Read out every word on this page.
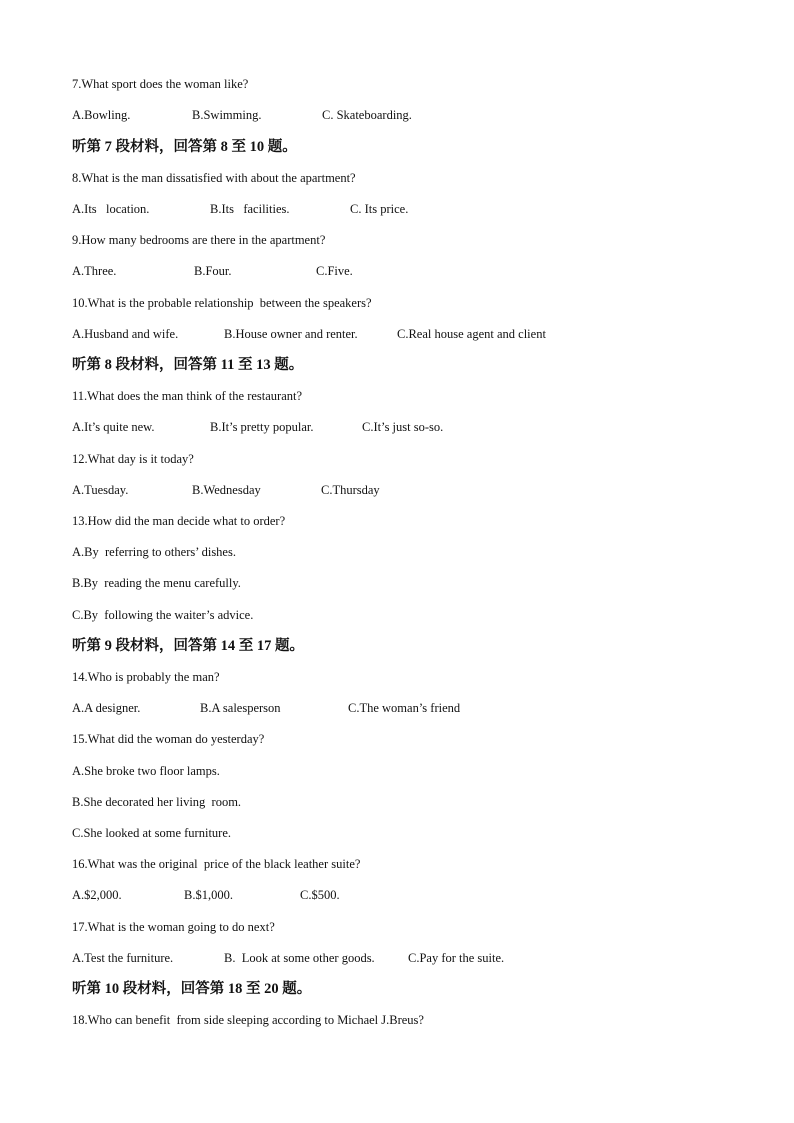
7.What sport does the woman like?
A.Bowling.	B.Swimming.	C. Skateboarding.
听第 7 段材料，回答第 8 至 10 题。
8.What is the man dissatisfied with about the apartment?
A.Its   location.	B.Its   facilities.	C. Its price.
9.How many bedrooms are there in the apartment?
A.Three.	B.Four.	C.Five.
10.What is the probable relationship  between the speakers?
A.Husband and wife.	B.House owner and renter.	C.Real house agent and client
听第 8 段材料，回答第 11 至 13 题。
11.What does the man think of the restaurant?
A.It’s quite new.	B.It’s pretty popular.	C.It’s just so-so.
12.What day is it today?
A.Tuesday.	B.Wednesday	C.Thursday
13.How did the man decide what to order?
A.By  referring to others’ dishes.
B.By  reading the menu carefully.
C.By  following the waiter’s advice.
听第 9 段材料，回答第 14 至 17 题。
14.Who is probably the man?
A.A designer.	B.A salesperson	C.The woman’s friend
15.What did the woman do yesterday?
A.She broke two floor lamps.
B.She decorated her living  room.
C.She looked at some furniture.
16.What was the original  price of the black leather suite?
A.$2,000.	B.$1,000.	C.$500.
17.What is the woman going to do next?
A.Test the furniture.	B.  Look at some other goods.	C.Pay for the suite.
听第 10 段材料，回答第 18 至 20 题。
18.Who can benefit  from side sleeping according to Michael J.Breus?
